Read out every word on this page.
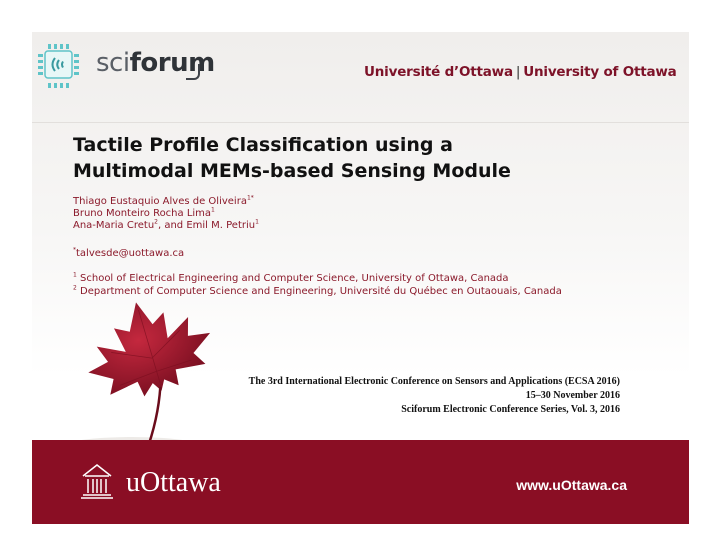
sciforum	Université d’Ottawa | University of Ottawa
Tactile Profile Classification using a
Multimodal MEMs-based Sensing Module
Thiago Eustaquio Alves de Oliveira$^{1*}$
Bruno Monteiro Rocha Lima$^1$
Ana-Maria Cretu$^2$, and Emil M. Petriu$^1$
*talvesde@uottawa.ca
$^1$ School of Electrical Engineering and Computer Science, University of Ottawa, Canada
$^2$ Department of Computer Science and Engineering, Université du Québec en Outaouais, Canada
The 3rd International Electronic Conference on Sensors and Applications (ECSA 2016)
15–30 November 2016
Sciforum Electronic Conference Series, Vol. 3, 2016
uOttawa	www.uOttawa.ca
